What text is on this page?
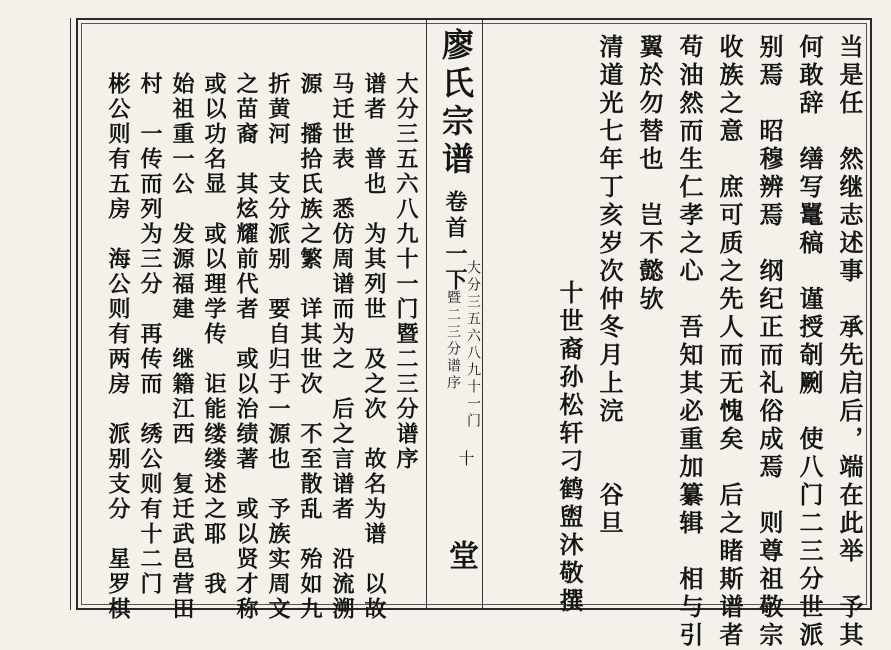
当是任　然继志述事　承先启后，端在此举　予其
何敢辞　缮写鼍稿　谨授剞劂　使八门二三分世派
别焉　昭穆辨焉　纲纪正而礼俗成焉　则尊祖敬宗
收族之意　庶可质之先人而无愧矣　后之睹斯谱者
苟油然而生仁孝之心　吾知其必重加纂辑　相与引
翼於勿替也　岂不懿欤
清道光七年丁亥岁次仲冬月上浣　　谷旦
十世裔孙松轩刁鹤盥沐敬撰
廖氏宗谱
卷首一下
大分三五六八九十一门
暨二三分谱序
十
堂
大分三五六八九十一门暨二三分谱序
谱者　普也　为其列世　及之次　故名为谱　以故
马迁世表　悉仿周谱而为之　后之言谱者　沿流溯
源　播拾氏族之繁　详其世次　不至散乱　殆如九
折黄河　支分派别　要自归于一源也　予族实周文
之苗裔　其炫耀前代者　或以治绩著　或以贤才称
或以功名显　或以理学传　讵能缕缕述之耶　我
始祖重一公　发源福建　继籍江西　复迁武邑营田
村　一传而列为三分　再传而　绣公则有十二门
彬公则有五房　海公则有两房　派别支分　星罗棋
